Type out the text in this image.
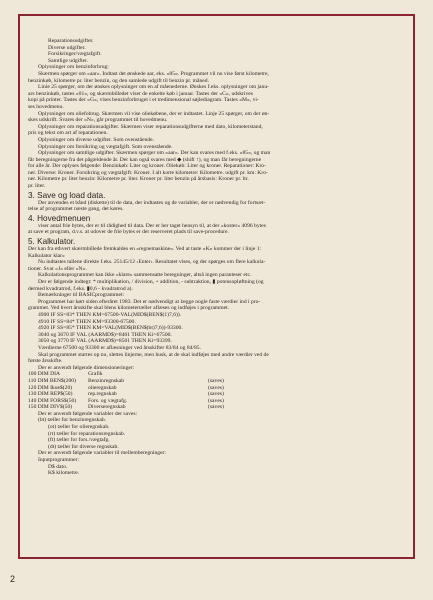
Reparationsudgifter.
Diverse udgifter.
Forsikringer/vægtafgift.
Samtlige udgifter.
Oplysninger om benzinforbrug:
Skærmen spørger om »aar«. Indtast det ønskede aar, eks. »85«. Programmet vil nu vise først kilometre,
benzinkøb, kilometre pr. liter benzin, og den samlede udgift til benzin pr. måned.
Linie 25 spørger, om der ønskes oplysninger om en af måenederne. Ønskes f.eks. oplysninger om janu-
ars benzinkøb, tastes »01«, og skærmbilledet viser de enkelte køb i januar. Tastes der »C«, udskrives
kopi på printer. Tastes der »G«, vises benzinforbruget i et tredimensional søjlediagram. Tastes »M«, vi-
ses hovedmenu.
Oplysninger om oliefobrug. Skærmen vil vise oliekøbene, der er indtastet. Linje 25 spørger, om der øn-
skes udskrift. Svares der »N«, går programmet til hovedmenu.
Oplysninger om reparationsudgifter. Skærmen viser reparationsudgifterne med dato, kilometerstand,
pris og tekst om art af reparationen.
Oplysninger om diverse udgifter. Som ovenstående.
Oplysninger om forsikring og vægtafgift. Som ovenstående.
Oplysninger om samtlige udgifter. Skærmen spørger om »aar«. Der kan svares med f.eks. »85«, og man
får beregningerne fra det pågældende år. Der kan også svares med ◆ (shift ↑), og man får beregningerne
for alle år. Der oplyses følgende: Benzinkøb: Liter og kroner. Oliekøb: Liter og kroner. Reparationer: Kro-
ner. Diverse: Kroner. Forsikring og vægtafgift: Kroner. I alt korte kilometre: Kilometre. udgift pr. km: Kro-
ner. Kilometre pr. liter benzin: Kilometre pr. liter. Kroner pr. liter benzin på årsbasis: Kroner pr. ltr.
pr. liter.
3. Save og load data.
Der anvendes et bånd (diskette) til de data, der indtastes og de variabler, der er nødvendig for fortsæt-
telse af programmet næste gang, det køres.
4. Hovedmenuen
viser antal frie bytes, der er til rådighed til data. Der er her taget hensyn til, at der »koster« 4096 bytes
at save et program, d.v.s. at udover de frie bytes er der reserveret plads til save-procedure.
5. Kalkulator.
Der kan fra ethvert skærmbillede fremkaldes en »regnemaskine«. Ved at taste »K« kommer der i linje 1:
Kalkulator klar»
Nu indtastes tallene direkte f.eks. 25145/12 ‹Enter›. Resultatet vises, og der spørges om flere kalkula-
tioner. Svar »J« eller »N«.
Kalkulationsprogrammet kan ikke »klare« sammensatte beregninger, altså ingen paranteser etc.
Der er følgende indtegt: * multiplikation, / division, + addition, - subtraktion, ▮ potensopløftning (og
dermed kvadratrod, f.eks. ▮0,6 - kvadratrod a).
Bemærkninger til BASICprogrammet:
Programmet har kørt siden efteråret 1983. Det er nødvendigt at lægge nogle faste værdier ind i pro-
grammet. Ved hvert årsskifte skal blens kilometertæller aflæses og indføjes i programmet.
4900 IF SS=83* THEN KM=67500-VAL(MID$(BEN$(1)7,6)).
4910 IF SS=84* THEN KM=93300-67500.
4920 IF SS=85* THEN KM=VAL(MID$(BEN$(bt)7,6))-93300.
3040 og 3670 IF VAL (AARMD$)=8401 THEN Ki=67500.
3050 og 3770 IF VAL (AARMD$)=8501 THEN Ki=93399.
Værdierne 67500 og 93300 er aflæsninger ved årsskifter 83/84 og 84/85.
Skal programmet startes op nu, slettes linjerne, men husk, at de skal indføjes med andre værdier ved de
første årsskifte.
Der er anvendt følgende dimensioneringer:
100 DIM DIA	Grafik
110 DIM BEN$(200)	Benzinregnskab	(saves)
120 DIM Ikue$(20)	olieregnskab	(saves)
130 DIM REP$(50)	rep.regnskab	(saves)
140 DIM FORS$(50)	Fors. og vægtafg.	(saves)
150 DIM DIV$(50)	Diverseregnskab	(saves)
Der er anvendt følgende variabler der saves:
(bt) tæller for benzinregnskab.
(ot) tæller for olieregnskab.
(rt) tæller for reparationsregnskab.
(ft) tæller for fors./vægtafg.
(dt) tæller for diverse regnskab.
Der er anvendt følgende variabler til mellemberegninger:
Inputprogrammer:
D$ dato.
K$ kilometre.
2
